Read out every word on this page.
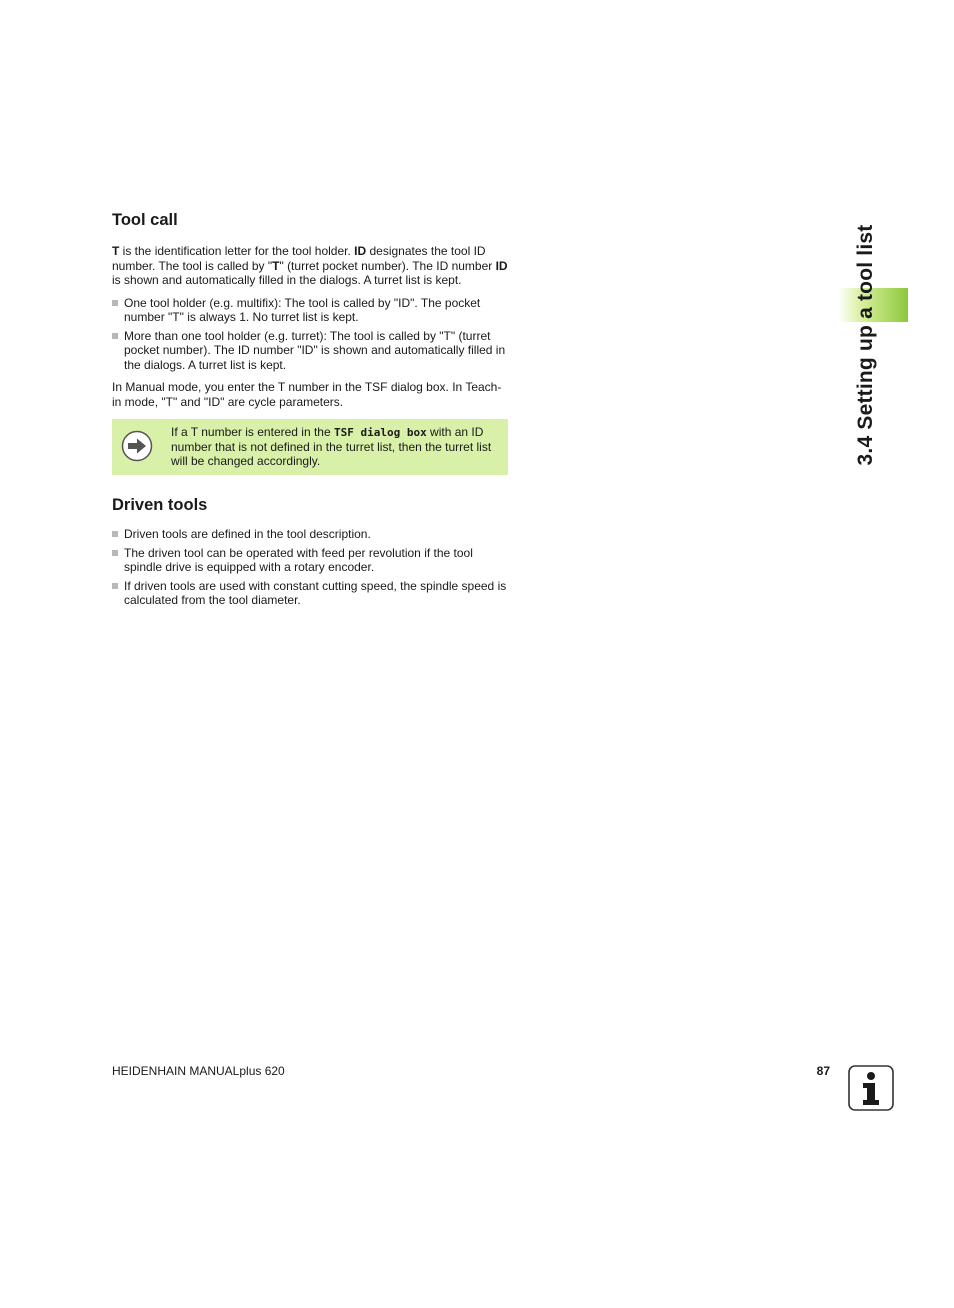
3.4 Setting up a tool list
Tool call

T is the identification letter for the tool holder. ID designates the tool ID number. The tool is called by "T" (turret pocket number). The ID number ID is shown and automatically filled in the dialogs. A turret list is kept.

One tool holder (e.g. multifix): The tool is called by "ID". The pocket number "T" is always 1. No turret list is kept.
More than one tool holder (e.g. turret): The tool is called by "T" (turret pocket number). The ID number "ID" is shown and automatically filled in the dialogs. A turret list is kept.

In Manual mode, you enter the T number in the TSF dialog box. In Teach-in mode, "T" and "ID" are cycle parameters.

If a T number is entered in the TSF dialog box with an ID number that is not defined in the turret list, then the turret list will be changed accordingly.

Driven tools
Driven tools are defined in the tool description.
The driven tool can be operated with feed per revolution if the tool spindle drive is equipped with a rotary encoder.
If driven tools are used with constant cutting speed, the spindle speed is calculated from the tool diameter.
HEIDENHAIN MANUALplus 620	87
